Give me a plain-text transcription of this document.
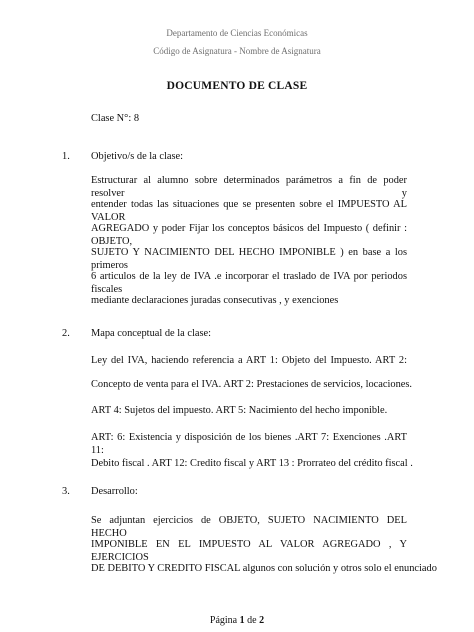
Departamento de Ciencias Económicas
Código de Asignatura - Nombre de Asignatura
DOCUMENTO DE CLASE
Clase N°: 8
1. Objetivo/s de la clase:
Estructurar al alumno sobre determinados parámetros a fin de poder resolver y
entender todas las situaciones que se presenten sobre el IMPUESTO AL VALOR
AGREGADO y poder Fijar los conceptos básicos del Impuesto ( definir : OBJETO,
SUJETO Y NACIMIENTO DEL HECHO IMPONIBLE ) en base a los primeros
6 articulos de la ley de IVA .e incorporar el traslado de IVA por periodos fiscales
mediante declaraciones juradas consecutivas , y exenciones
2. Mapa conceptual de la clase:
Ley del IVA, haciendo referencia a ART 1: Objeto del Impuesto. ART 2:
Concepto de venta para el IVA. ART 2: Prestaciones de servicios, locaciones.
ART 4: Sujetos del impuesto. ART 5: Nacimiento del hecho imponible.
ART: 6: Existencia y disposición de los bienes .ART 7: Exenciones .ART 11:
Debito fiscal . ART 12: Credito fiscal y ART 13 : Prorrateo del crédito fiscal .
3. Desarrollo:
Se adjuntan ejercicios de OBJETO, SUJETO NACIMIENTO DEL HECHO
IMPONIBLE EN EL IMPUESTO AL VALOR AGREGADO , Y EJERCICIOS
DE DEBITO Y CREDITO FISCAL algunos con solución y otros solo el enunciado
Página 1 de 2
